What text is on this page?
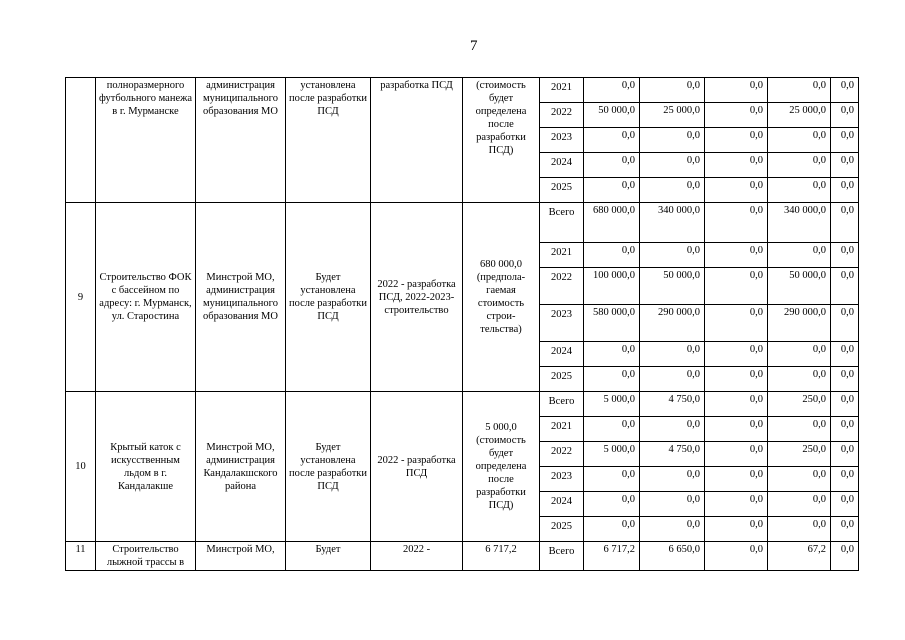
7
	полноразмерного футбольного манежа в г. Мурманске	администрация муниципального образования МО	установлена после разработки ПСД	разработка ПСД	(стоимость будет определена после разработки ПСД)	2021	0,0	0,0	0,0	0,0	0,0
						2022	50 000,0	25 000,0	0,0	25 000,0	0,0
						2023	0,0	0,0	0,0	0,0	0,0
						2024	0,0	0,0	0,0	0,0	0,0
						2025	0,0	0,0	0,0	0,0	0,0
9	Строительство ФОК с бассейном по адресу: г. Мурманск, ул. Старостина	Минстрой МО, администрация муниципального образования МО	Будет установлена после разработки ПСД	2022 - разработка ПСД, 2022-2023- строительство	680 000,0 (предпола- гаемая стоимость строи- тельства)	Всего	680 000,0	340 000,0	0,0	340 000,0	0,0
						2021	0,0	0,0	0,0	0,0	0,0
						2022	100 000,0	50 000,0	0,0	50 000,0	0,0
						2023	580 000,0	290 000,0	0,0	290 000,0	0,0
						2024	0,0	0,0	0,0	0,0	0,0
						2025	0,0	0,0	0,0	0,0	0,0
10	Крытый каток с искусственным льдом в г. Кандалакше	Минстрой МО, администрация Кандалакшского района	Будет установлена после разработки ПСД	2022 - разработка ПСД	5 000,0 (стоимость будет определена после разработки ПСД)	Всего	5 000,0	4 750,0	0,0	250,0	0,0
						2021	0,0	0,0	0,0	0,0	0,0
						2022	5 000,0	4 750,0	0,0	250,0	0,0
						2023	0,0	0,0	0,0	0,0	0,0
						2024	0,0	0,0	0,0	0,0	0,0
						2025	0,0	0,0	0,0	0,0	0,0
11	Строительство лыжной трассы в	Минстрой МО,	Будет	2022 -	6 717,2	Всего	6 717,2	6 650,0	0,0	67,2	0,0
